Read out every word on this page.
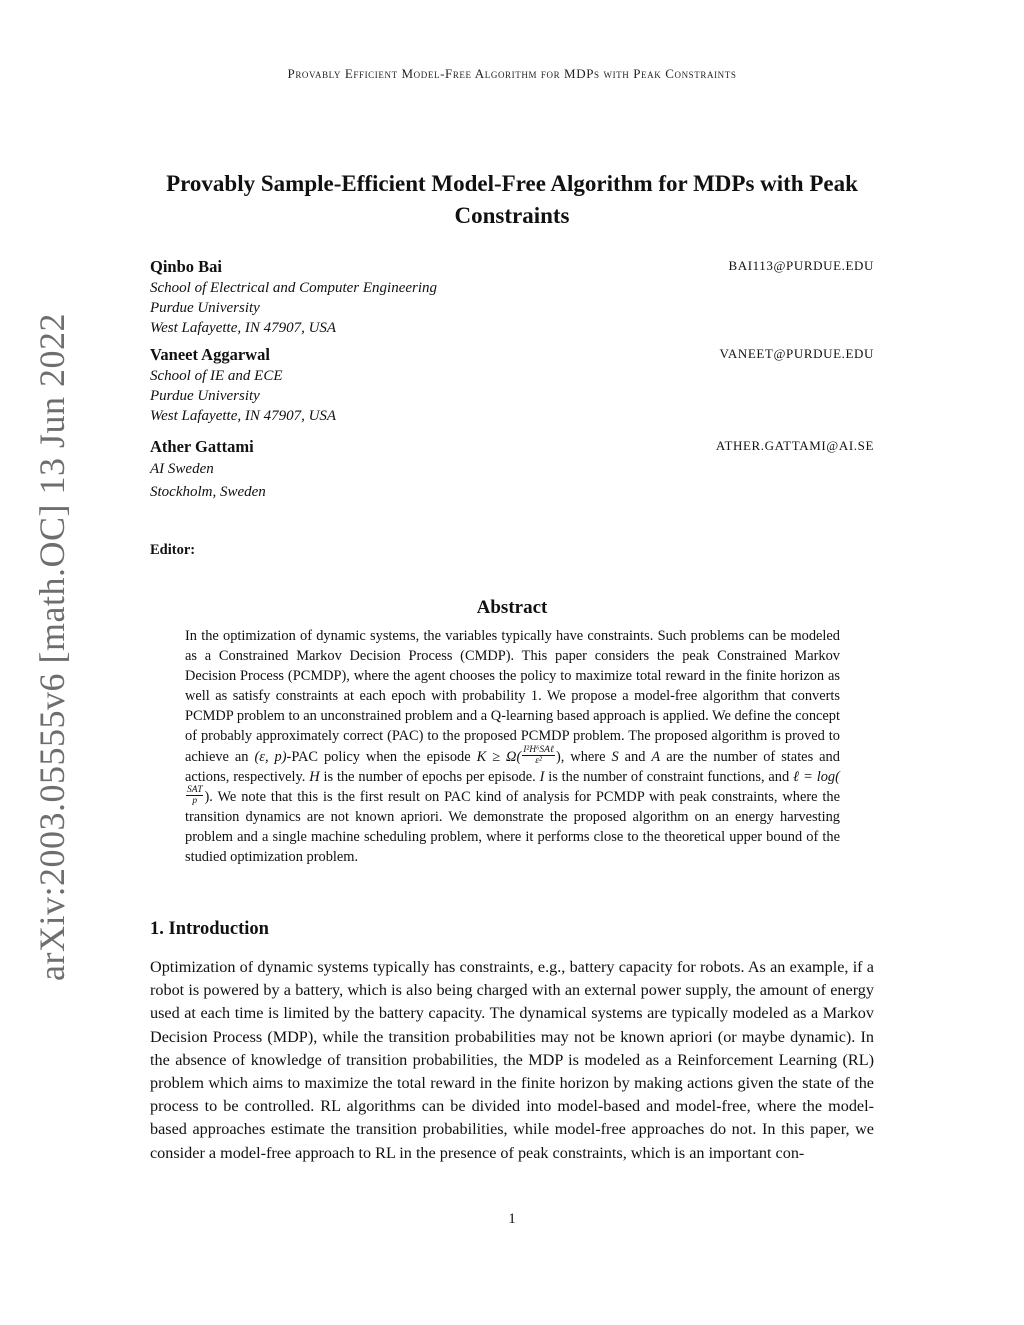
Provably Efficient Model-Free Algorithm for MDPs with Peak Constraints
arXiv:2003.05555v6 [math.OC] 13 Jun 2022
Provably Sample-Efficient Model-Free Algorithm for MDPs with Peak Constraints
Qinbo Bai	BAI113@PURDUE.EDU
School of Electrical and Computer Engineering
Purdue University
West Lafayette, IN 47907, USA
Vaneet Aggarwal	VANEET@PURDUE.EDU
School of IE and ECE
Purdue University
West Lafayette, IN 47907, USA
Ather Gattami	ATHER.GATTAMI@AI.SE
AI Sweden
Stockholm, Sweden
Editor:
Abstract

In the optimization of dynamic systems, the variables typically have constraints. Such problems can be modeled as a Constrained Markov Decision Process (CMDP). This paper considers the peak Constrained Markov Decision Process (PCMDP), where the agent chooses the policy to maximize total reward in the finite horizon as well as satisfy constraints at each epoch with probability 1. We propose a model-free algorithm that converts PCMDP problem to an unconstrained problem and a Q-learning based approach is applied. We define the concept of probably approximately correct (PAC) to the proposed PCMDP problem. The proposed algorithm is proved to achieve an (ε, p)-PAC policy when the episode $K \ge \Omega( \frac{\text{I²H⁶SAℓ}}{\text{ε²}}$ ), where S and A are the number of states and actions, respectively. H is the number of epochs per episode. I is the number of constraint functions, and ℓ = log(
$\frac{\text{SAT}}{p}$ ). We note that this is the first result on PAC kind of analysis for PCMDP with peak constraints, where the transition dynamics are not known apriori. We demonstrate the proposed algorithm on an energy harvesting problem and a single machine scheduling problem, where it performs close to the theoretical upper bound of the studied optimization problem.

1. Introduction

Optimization of dynamic systems typically has constraints, e.g., battery capacity for robots. As an example, if a robot is powered by a battery, which is also being charged with an external power supply, the amount of energy used at each time is limited by the battery capacity. The dynamical systems are typically modeled as a Markov Decision Process (MDP), while the transition probabilities may not be known apriori (or maybe dynamic). In the absence of knowledge of transition probabilities, the MDP is modeled as a Reinforcement Learning (RL) problem which aims to maximize the total reward in the finite horizon by making actions given the state of the process to be controlled. RL algorithms can be divided into model-based and model-free, where the model-based approaches estimate the transition probabilities, while model-free approaches do not. In this paper, we consider a model-free approach to RL in the presence of peak constraints, which is an important con-

1
